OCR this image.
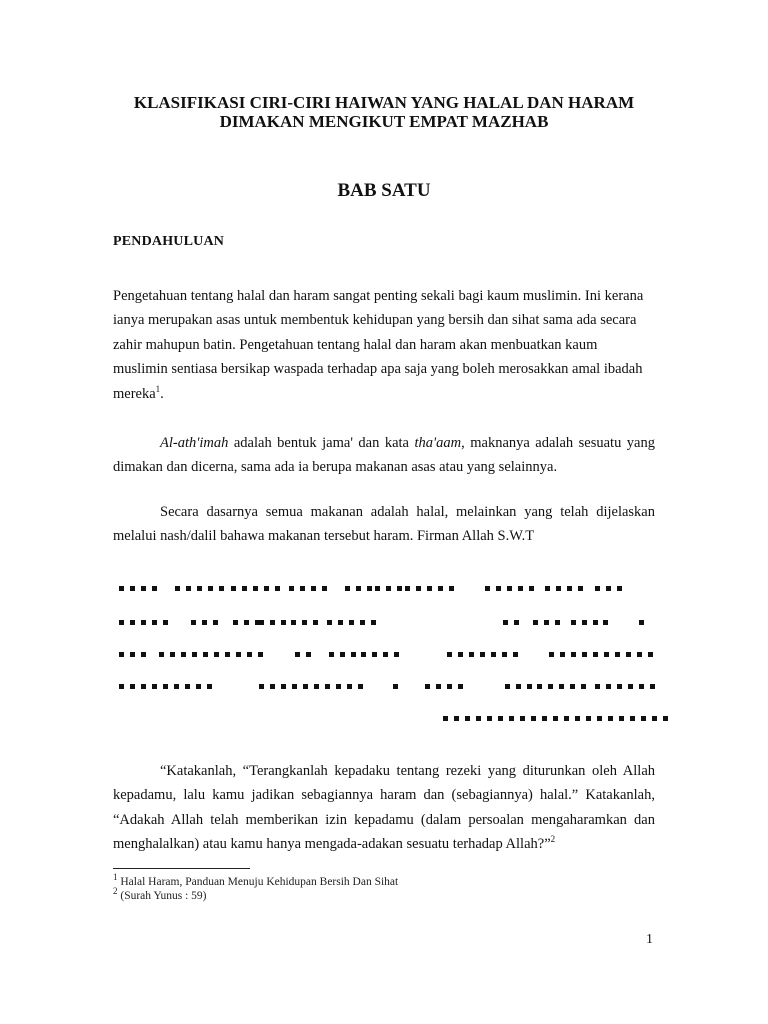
KLASIFIKASI CIRI-CIRI HAIWAN YANG HALAL DAN HARAM
DIMAKAN MENGIKUT EMPAT MAZHAB
BAB SATU
PENDAHULUAN
Pengetahuan tentang halal dan haram sangat penting sekali bagi kaum muslimin. Ini kerana ianya merupakan asas untuk membentuk kehidupan yang bersih dan sihat sama ada secara zahir mahupun batin. Pengetahuan tentang halal dan haram akan menbuatkan kaum muslimin sentiasa bersikap waspada terhadap apa saja yang boleh merosakkan amal ibadah mereka$^1$.
Al-ath'imah adalah bentuk jama' dan kata tha'aam, maknanya adalah sesuatu yang dimakan dan dicerna, sama ada ia berupa makanan asas atau yang selainnya.
Secara dasarnya semua makanan adalah halal, melainkan yang telah dijelaskan melalui nash/dalil bahawa makanan tersebut haram. Firman Allah S.W.T
“Katakanlah, “Terangkanlah kepadaku tentang rezeki yang diturunkan oleh Allah kepadamu, lalu kamu jadikan sebagiannya haram dan (sebagiannya) halal.” Katakanlah, “Adakah Allah telah memberikan izin kepadamu (dalam persoalan mengaharamkan dan menghalalkan) atau kamu hanya mengada-adakan sesuatu terhadap Allah?”$^2$
$^1$ Halal Haram, Panduan Menuju Kehidupan Bersih Dan Sihat
$^2$ (Surah Yunus : 59)
1
